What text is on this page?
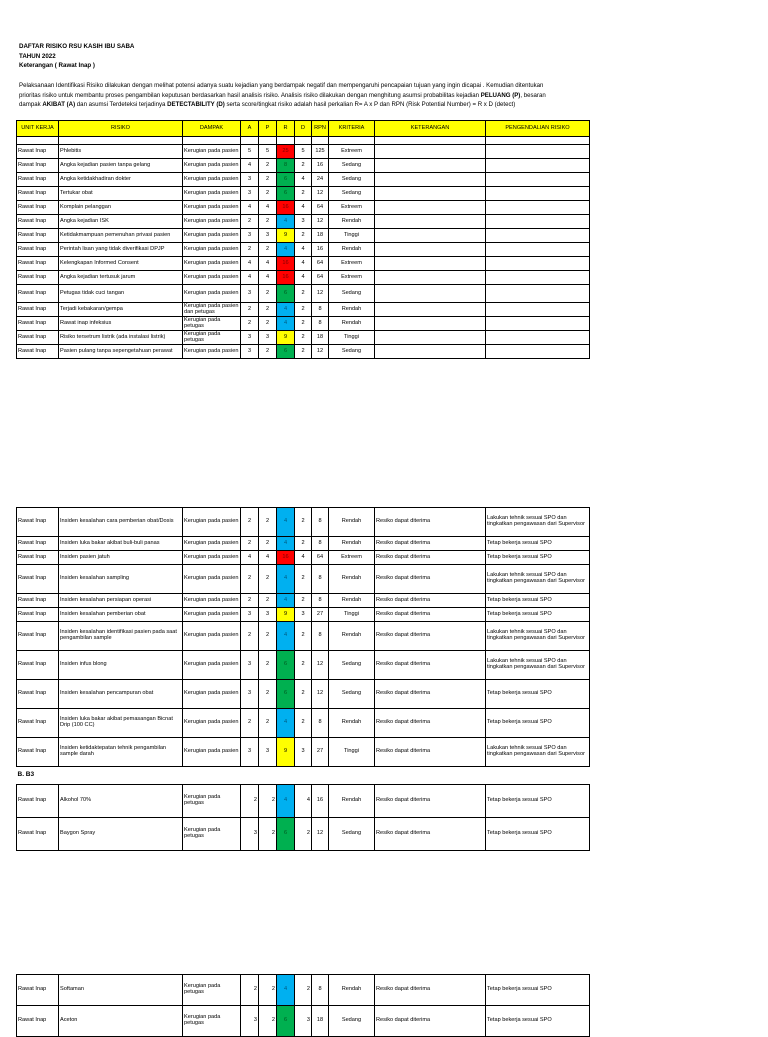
DAFTAR RISIKO RSU KASIH IBU SABA
TAHUN 2022
Keterangan ( Rawat Inap )
Pelaksanaan Identifikasi Risiko dilakukan dengan melihat potensi adanya suatu kejadian yang berdampak negatif dan mempengaruhi pencapaian tujuan yang ingin dicapai . Kemudian ditentukan
prioritas risiko untuk membantu proses pengambilan keputusan berdasarkan hasil analisis risiko. Analisis risiko dilakukan dengan menghitung asumsi probabilitas kejadian PELUANG (P), besaran
dampak AKIBAT (A) dan asumsi Terdeteksi terjadinya DETECTABILITY (D) serta score/tingkat risiko adalah hasil perkalian R= A x P dan RPN (Risk Potential Number) = R x D (detect)
UNIT KERJA	RISIKO	DAMPAK	A	P	R	D	RPN	KRITERIA	KETERANGAN	PENGENDALIAN RISIKO

Rawat Inap	Phlebitis	Kerugian pada pasien	5	5	25	5	125	Extreem		
Rawat Inap	Angka kejadian pasien tanpa gelang	Kerugian pada pasien	4	2	8	2	16	Sedang		
Rawat Inap	Angka ketidakhadiran dokter	Kerugian pada pasien	3	2	6	4	24	Sedang		
Rawat Inap	Tertukar obat	Kerugian pada pasien	3	2	6	2	12	Sedang		
Rawat Inap	Komplain pelanggan	Kerugian pada pasien	4	4	16	4	64	Extreem		
Rawat Inap	Angka kejadian ISK	Kerugian pada pasien	2	2	4	3	12	Rendah		
Rawat Inap	Ketidakmampuan pemenuhan privasi pasien	Kerugian pada pasien	3	3	9	2	18	Tinggi		
Rawat Inap	Perintah lisan yang tidak diverifikasi DPJP	Kerugian pada pasien	2	2	4	4	16	Rendah		
Rawat Inap	Kelengkapan Informed Consent	Kerugian pada pasien	4	4	16	4	64	Extreem		
Rawat Inap	Angka kejadian tertusuk jarum	Kerugian pada pasien	4	4	16	4	64	Extreem		
Rawat Inap	Petugas tidak cuci tangan	Kerugian pada pasien	3	2	6	2	12	Sedang		
Rawat Inap	Terjadi kebakaran/gempa	Kerugian pada pasien dan petugas	2	2	4	2	8	Rendah		
Rawat Inap	Rawat inap infeksius	Kerugian pada petugas	2	2	4	2	8	Rendah		
Rawat Inap	Risiko tersetrum listrik (ada instalasi listrik)	Kerugian pada petugas	3	3	9	2	18	Tinggi		
Rawat Inap	Pasien pulang tanpa sepengetahuan perawat	Kerugian pada pasien	3	2	6	2	12	Sedang		
Rawat Inap	Insiden kesalahan cara pemberian obat/Dosis	Kerugian pada pasien	2	2	4	2	8	Rendah	Resiko dapat diterima	Lakukan tehnik sesuai SPO dan tingkatkan pengawasan dari Supervisor
Rawat Inap	Insiden luka bakar akibat buli-buli panas	Kerugian pada pasien	2	2	4	2	8	Rendah	Resiko dapat diterima	Tetap bekerja sesuai SPO
Rawat Inap	Insiden pasien jatuh	Kerugian pada pasien	4	4	16	4	64	Extreem	Resiko dapat diterima	Tetap bekerja sesuai SPO
Rawat Inap	Insiden kesalahan sampling	Kerugian pada pasien	2	2	4	2	8	Rendah	Resiko dapat diterima	Lakukan tehnik sesuai SPO dan tingkatkan pengawasan dari Supervisor
Rawat Inap	Insiden kesalahan persiapan operasi	Kerugian pada pasien	2	2	4	2	8	Rendah	Resiko dapat diterima	Tetap bekerja sesuai SPO
Rawat Inap	Insiden kesalahan pemberian obat	Kerugian pada pasien	3	3	9	3	27	Tinggi	Resiko dapat diterima	Tetap bekerja sesuai SPO
Rawat Inap	Insiden kesalahan identifikasi pasien pada saat pengambilan sample	Kerugian pada pasien	2	2	4	2	8	Rendah	Resiko dapat diterima	Lakukan tehnik sesuai SPO dan tingkatkan pengawasan dari Supervisor
Rawat Inap	Insiden infus blong	Kerugian pada pasien	3	2	6	2	12	Sedang	Resiko dapat diterima	Lakukan tehnik sesuai SPO dan tingkatkan pengawasan dari Supervisor
Rawat Inap	Insiden kesalahan pencampuran obat	Kerugian pada pasien	3	2	6	2	12	Sedang	Resiko dapat diterima	Tetap bekerja sesuai SPO
Rawat Inap	Insiden luka bakar akibat pemasangan Bicnat Drip (100 CC)	Kerugian pada pasien	2	2	4	2	8	Rendah	Resiko dapat diterima	Tetap bekerja sesuai SPO
Rawat Inap	Insiden ketidaktepatan tehnik pengambilan sample darah	Kerugian pada pasien	3	3	9	3	27	Tinggi	Resiko dapat diterima	Lakukan tehnik sesuai SPO dan tingkatkan pengawasan dari Supervisor
B. B3										
Rawat Inap	Alkohol 70%	Kerugian pada petugas	2	2	4	4	16	Rendah	Resiko dapat diterima	Tetap bekerja sesuai SPO
Rawat Inap	Baygon Spray	Kerugian pada petugas	3	2	6	2	12	Sedang	Resiko dapat diterima	Tetap bekerja sesuai SPO
Rawat Inap	Softaman	Kerugian pada petugas	2	2	4	2	8	Rendah	Resiko dapat diterima	Tetap bekerja sesuai SPO
Rawat Inap	Aceton	Kerugian pada petugas	3	2	6	3	18	Sedang	Resiko dapat diterima	Tetap bekerja sesuai SPO
